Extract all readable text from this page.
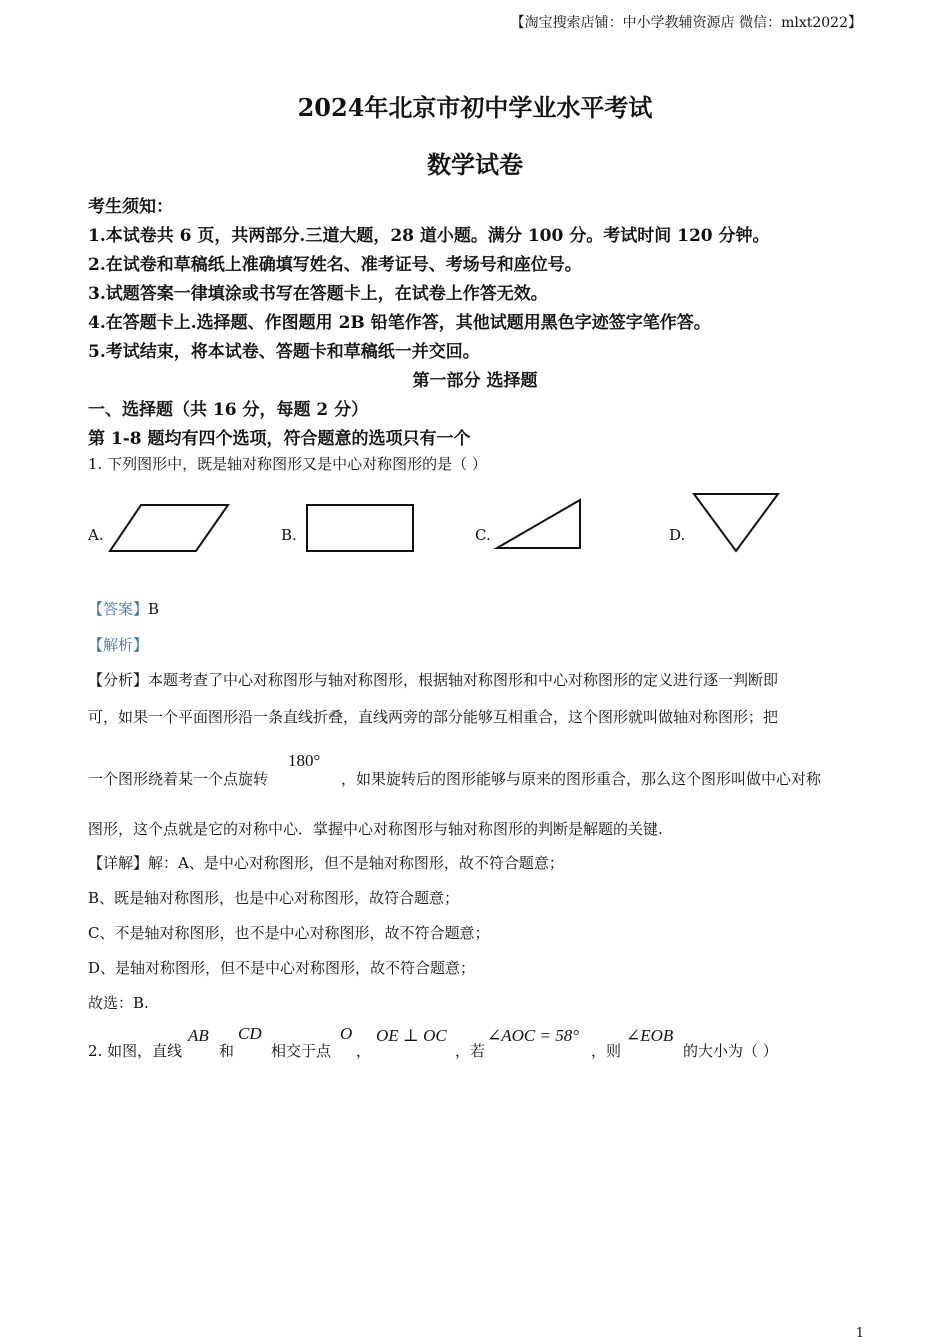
【淘宝搜索店铺：中小学教辅资源店 微信：mlxt2022】
2024年北京市初中学业水平考试
数学试卷
考生须知：
1.本试卷共 6 页，共两部分.三道大题，28 道小题。满分 100 分。考试时间 120 分钟。
2.在试卷和草稿纸上准确填写姓名、准考证号、考场号和座位号。
3.试题答案一律填涂或书写在答题卡上，在试卷上作答无效。
4.在答题卡上.选择题、作图题用 2B 铅笔作答，其他试题用黑色字迹签字笔作答。
5.考试结束，将本试卷、答题卡和草稿纸一并交回。
第一部分 选择题
一、选择题（共 16 分，每题 2 分）
第 1-8 题均有四个选项，符合题意的选项只有一个
1. 下列图形中，既是轴对称图形又是中心对称图形的是（ ）
A.	B.	C.	D.
【答案】B
【解析】
【分析】本题考查了中心对称图形与轴对称图形，根据轴对称图形和中心对称图形的定义进行逐一判断即
可，如果一个平面图形沿一条直线折叠，直线两旁的部分能够互相重合，这个图形就叫做轴对称图形；把
一个图形绕着某一个点旋转
180°
，如果旋转后的图形能够与原来的图形重合，那么这个图形叫做中心对称
图形，这个点就是它的对称中心．掌握中心对称图形与轴对称图形的判断是解题的关键.
【详解】解：A、是中心对称图形，但不是轴对称图形，故不符合题意；
B、既是轴对称图形，也是中心对称图形，故符合题意；
C、不是轴对称图形，也不是中心对称图形，故不符合题意；
D、是轴对称图形，但不是中心对称图形，故不符合题意；
故选：B.
2. 如图，直线
AB
和
CD
相交于点
O
，
OE ⊥ OC
，若
∠AOC = 58°
，则
∠EOB
的大小为（ ）
1
